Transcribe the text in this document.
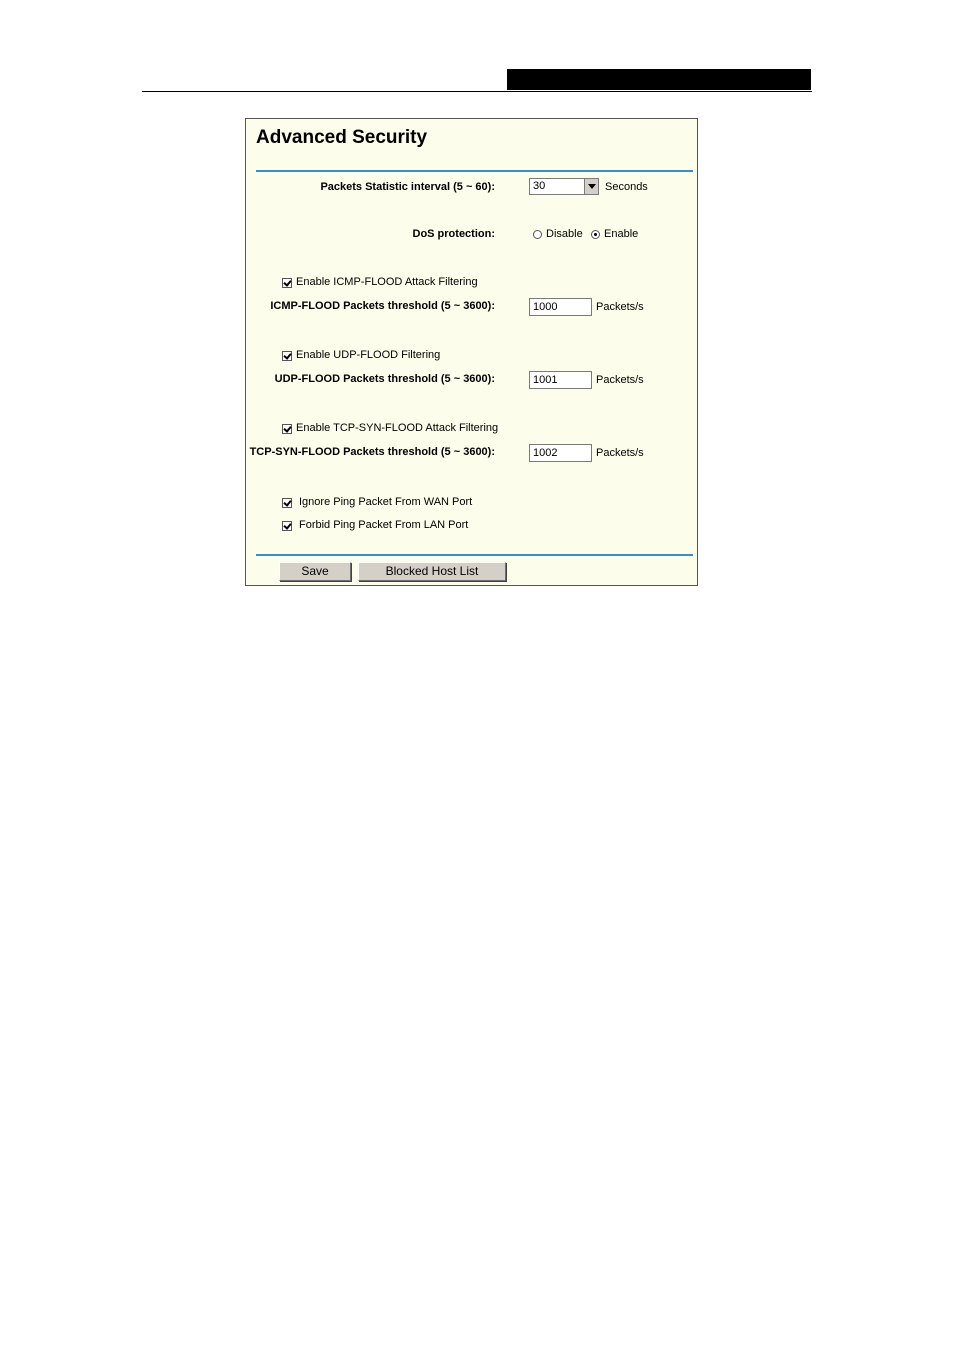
Advanced Security
Packets Statistic interval (5 ~ 60):	30	Seconds
DoS protection:	Disable Enable
Enable ICMP-FLOOD Attack Filtering
ICMP-FLOOD Packets threshold (5 ~ 3600):
1000	Packets/s
Enable UDP-FLOOD Filtering
UDP-FLOOD Packets threshold (5 ~ 3600):
1001	Packets/s
Enable TCP-SYN-FLOOD Attack Filtering
TCP-SYN-FLOOD Packets threshold (5 ~ 3600):
1002	Packets/s
Ignore Ping Packet From WAN Port
Forbid Ping Packet From LAN Port
Save	Blocked Host List
